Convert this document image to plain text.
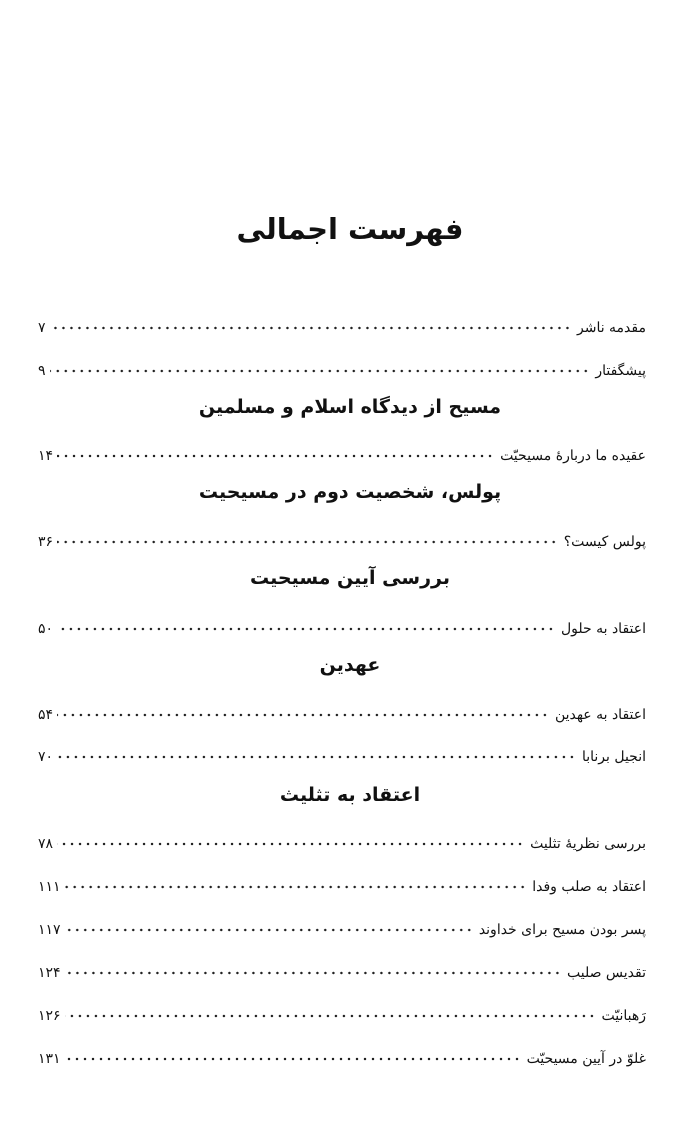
فهرست اجمالی
مقدمه ناشر
۷
پیشگفتار
۹
مسیح از دیدگاه اسلام و مسلمین
عقیده ما دربارهٔ مسیحیّت
۱۴
پولس، شخصیت دوم در مسیحیت
پولس کیست؟
۳۶
بررسی آیین مسیحیت
اعتقاد به حلول
۵۰
عهدین
اعتقاد به عهدین
۵۴
انجیل برنابا
۷۰
اعتقاد به تثلیث
بررسی نظریهٔ تثلیث
۷۸
اعتقاد به صلب وفدا
۱۱۱
پسر بودن مسیح برای خداوند
۱۱۷
تقدیس صلیب
۱۲۴
رَهبانیّت
۱۲۶
غلوّ در آیین مسیحیّت
۱۳۱
